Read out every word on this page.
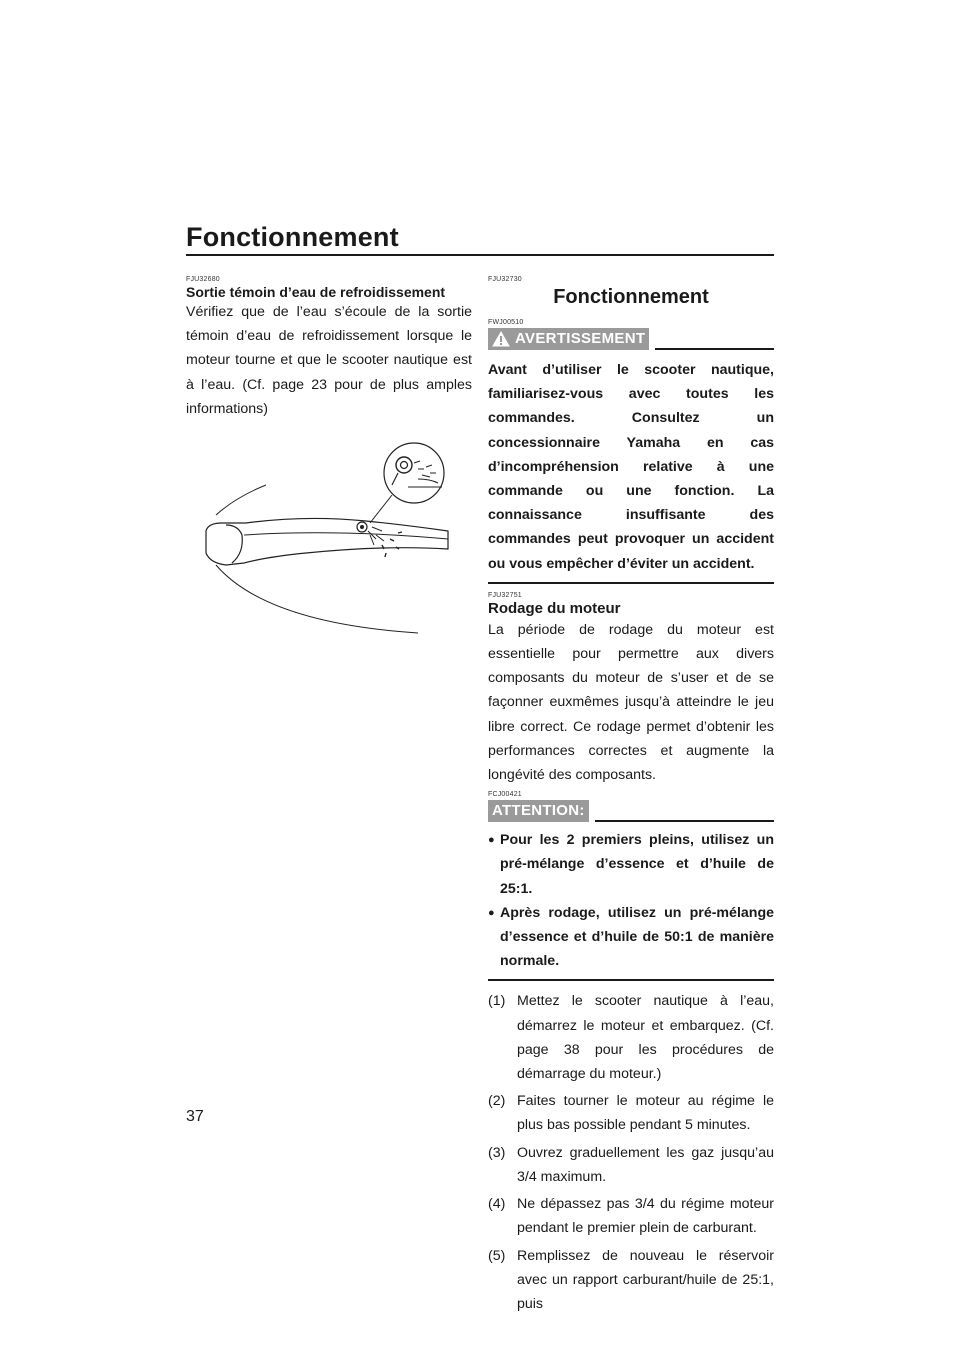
Fonctionnement
FJU32680
Sortie témoin d’eau de refroidissement
Vérifiez que de l’eau s’écoule de la sortie témoin d’eau de refroidissement lorsque le moteur tourne et que le scooter nautique est à l’eau. (Cf. page 23 pour de plus amples informations)
FJU32730
Fonctionnement
FWJ00510
AVERTISSEMENT
Avant d’utiliser le scooter nautique, familiarisez-vous avec toutes les commandes. Consultez un concessionnaire Yamaha en cas d’incompréhension relative à une commande ou une fonction. La connaissance insuffisante des commandes peut provoquer un accident ou vous empêcher d’éviter un accident.
FJU32751
Rodage du moteur
La période de rodage du moteur est essentielle pour permettre aux divers composants du moteur de s’user et de se façonner euxmêmes jusqu’à atteindre le jeu libre correct. Ce rodage permet d’obtenir les performances correctes et augmente la longévité des composants.
FCJ00421
ATTENTION:
● Pour les 2 premiers pleins, utilisez un pré-mélange d’essence et d’huile de 25:1.
● Après rodage, utilisez un pré-mélange d’essence et d’huile de 50:1 de manière normale.
(1) Mettez le scooter nautique à l’eau, démarrez le moteur et embarquez. (Cf. page 38 pour les procédures de démarrage du moteur.)
(2) Faites tourner le moteur au régime le plus bas possible pendant 5 minutes.
(3) Ouvrez graduellement les gaz jusqu’au 3/4 maximum.
(4) Ne dépassez pas 3/4 du régime moteur pendant le premier plein de carburant.
(5) Remplissez de nouveau le réservoir avec un rapport carburant/huile de 25:1, puis
37
